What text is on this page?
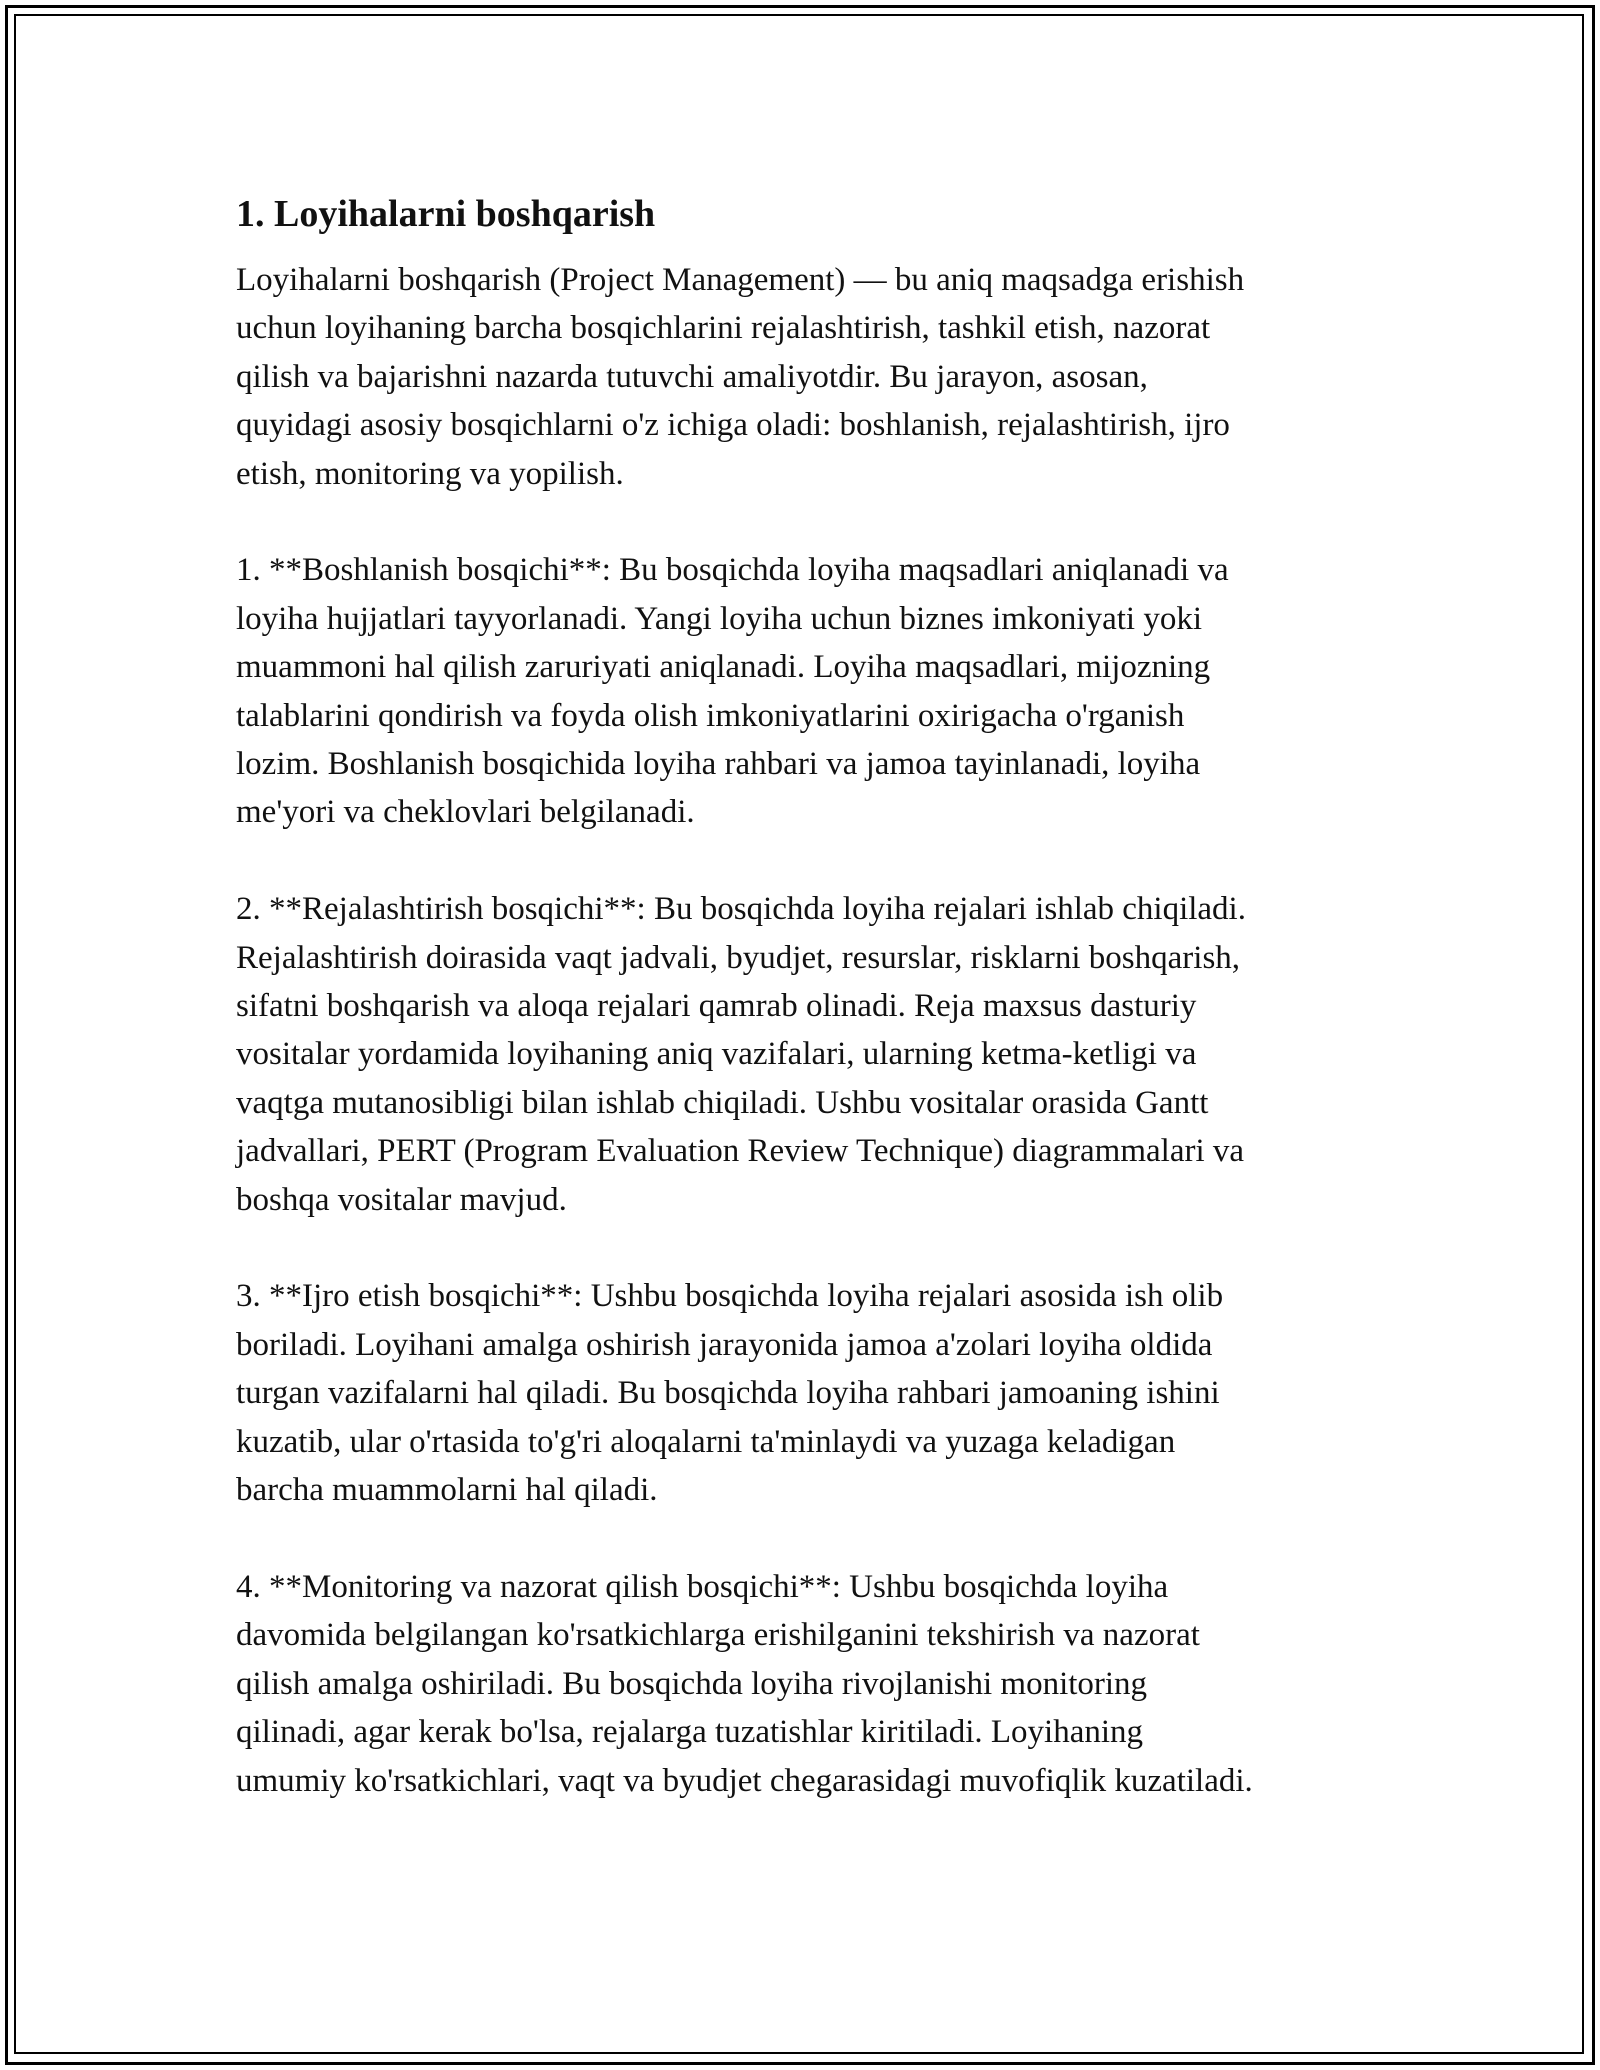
1. Loyihalarni boshqarish

Loyihalarni boshqarish (Project Management) — bu aniq maqsadga erishish
uchun loyihaning barcha bosqichlarini rejalashtirish, tashkil etish, nazorat
qilish va bajarishni nazarda tutuvchi amaliyotdir. Bu jarayon, asosan,
quyidagi asosiy bosqichlarni o'z ichiga oladi: boshlanish, rejalashtirish, ijro
etish, monitoring va yopilish.

1. **Boshlanish bosqichi**: Bu bosqichda loyiha maqsadlari aniqlanadi va
loyiha hujjatlari tayyorlanadi. Yangi loyiha uchun biznes imkoniyati yoki
muammoni hal qilish zaruriyati aniqlanadi. Loyiha maqsadlari, mijozning
talablarini qondirish va foyda olish imkoniyatlarini oxirigacha o'rganish
lozim. Boshlanish bosqichida loyiha rahbari va jamoa tayinlanadi, loyiha
me'yori va cheklovlari belgilanadi.

2. **Rejalashtirish bosqichi**: Bu bosqichda loyiha rejalari ishlab chiqiladi.
Rejalashtirish doirasida vaqt jadvali, byudjet, resurslar, risklarni boshqarish,
sifatni boshqarish va aloqa rejalari qamrab olinadi. Reja maxsus dasturiy
vositalar yordamida loyihaning aniq vazifalari, ularning ketma-ketligi va
vaqtga mutanosibligi bilan ishlab chiqiladi. Ushbu vositalar orasida Gantt
jadvallari, PERT (Program Evaluation Review Technique) diagrammalari va
boshqa vositalar mavjud.

3. **Ijro etish bosqichi**: Ushbu bosqichda loyiha rejalari asosida ish olib
boriladi. Loyihani amalga oshirish jarayonida jamoa a'zolari loyiha oldida
turgan vazifalarni hal qiladi. Bu bosqichda loyiha rahbari jamoaning ishini
kuzatib, ular o'rtasida to'g'ri aloqalarni ta'minlaydi va yuzaga keladigan
barcha muammolarni hal qiladi.

4. **Monitoring va nazorat qilish bosqichi**: Ushbu bosqichda loyiha
davomida belgilangan ko'rsatkichlarga erishilganini tekshirish va nazorat
qilish amalga oshiriladi. Bu bosqichda loyiha rivojlanishi monitoring
qilinadi, agar kerak bo'lsa, rejalarga tuzatishlar kiritiladi. Loyihaning
umumiy ko'rsatkichlari, vaqt va byudjet chegarasidagi muvofiqlik kuzatiladi.
